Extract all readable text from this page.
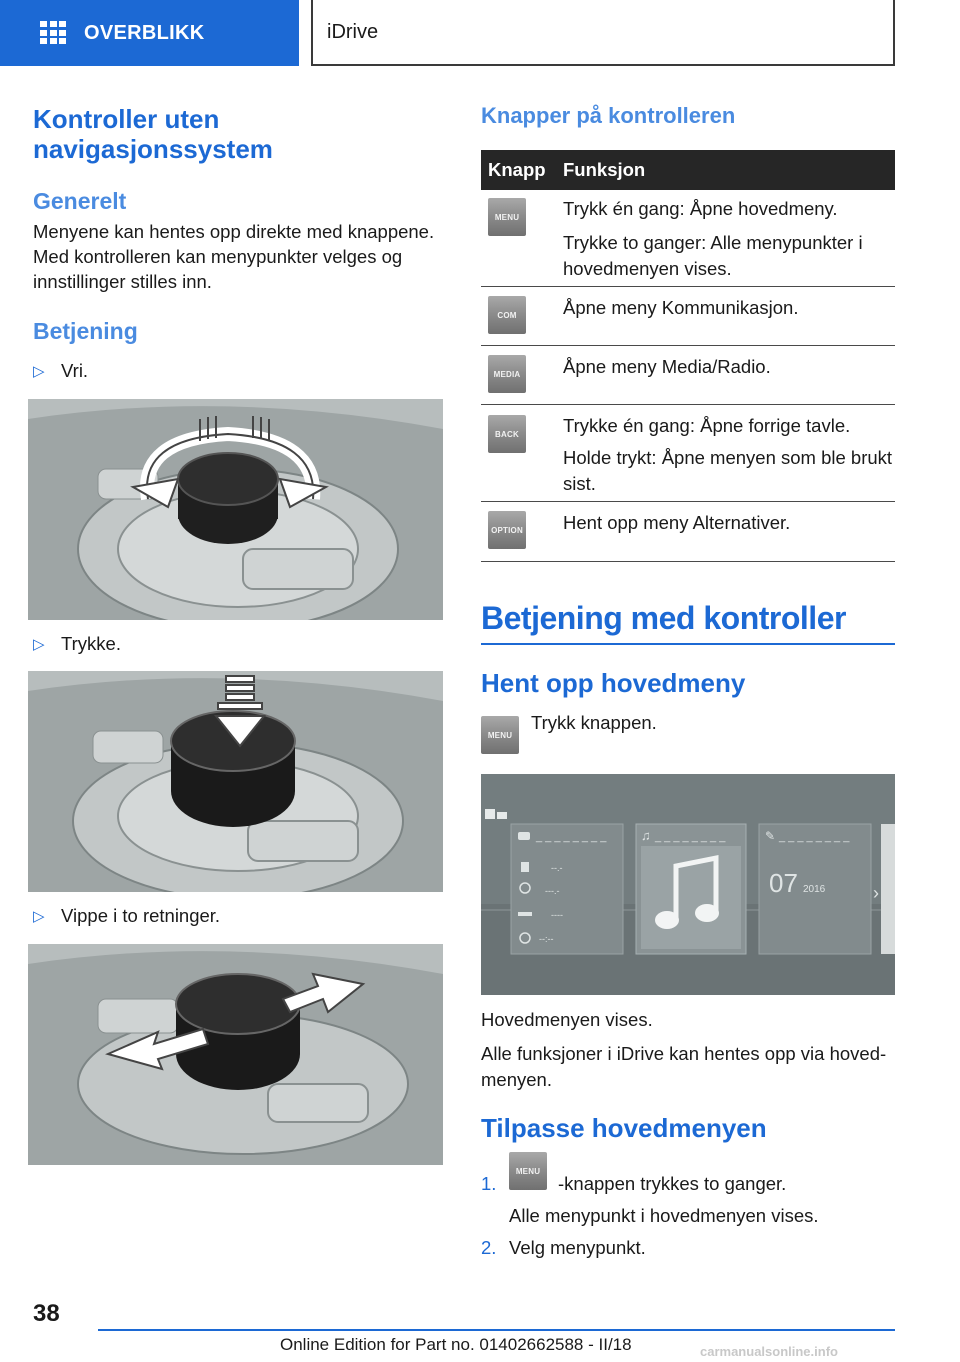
OVERBLIKK	iDrive
Kontroller uten navigasjonssystem
Generelt
Menyene kan hentes opp direkte med knappene. Med kontrolleren kan menypunkter velges og innstillinger stilles inn.
Betjening
▷ Vri.
▷ Trykke.
▷ Vippe i to retninger.
Knapper på kontrolleren
Knapp Funksjon
MENU	Trykk én gang: Åpne hovedmeny.
Trykke to ganger: Alle menypunkter i hovedmenyen vises.
COM	Åpne meny Kommunikasjon.
MEDIA	Åpne meny Media/Radio.
BACK	Trykke én gang: Åpne forrige tavle.
Holde trykt: Åpne menyen som ble brukt sist.
OPTION Hent opp meny Alternativer.
Betjening med kontroller
Hent opp hovedmeny
MENU
Trykk knappen.
_ _ _ _ _ _ _ _	♫ _ _ _ _ _ _ _ _	✎ _ _ _ _ _ _ _ _
--.-
---.-
----
--:--
07 2016	›
Hovedmenyen vises.
Alle funksjoner i iDrive kan hentes opp via hovedmenyen.
Tilpasse hovedmenyen
1.
MENU
-knappen trykkes to ganger.
Alle menypunkt i hovedmenyen vises.
2. Velg menypunkt.
38
Online Edition for Part no. 01402662588 - II/18	carmanualsonline.info
